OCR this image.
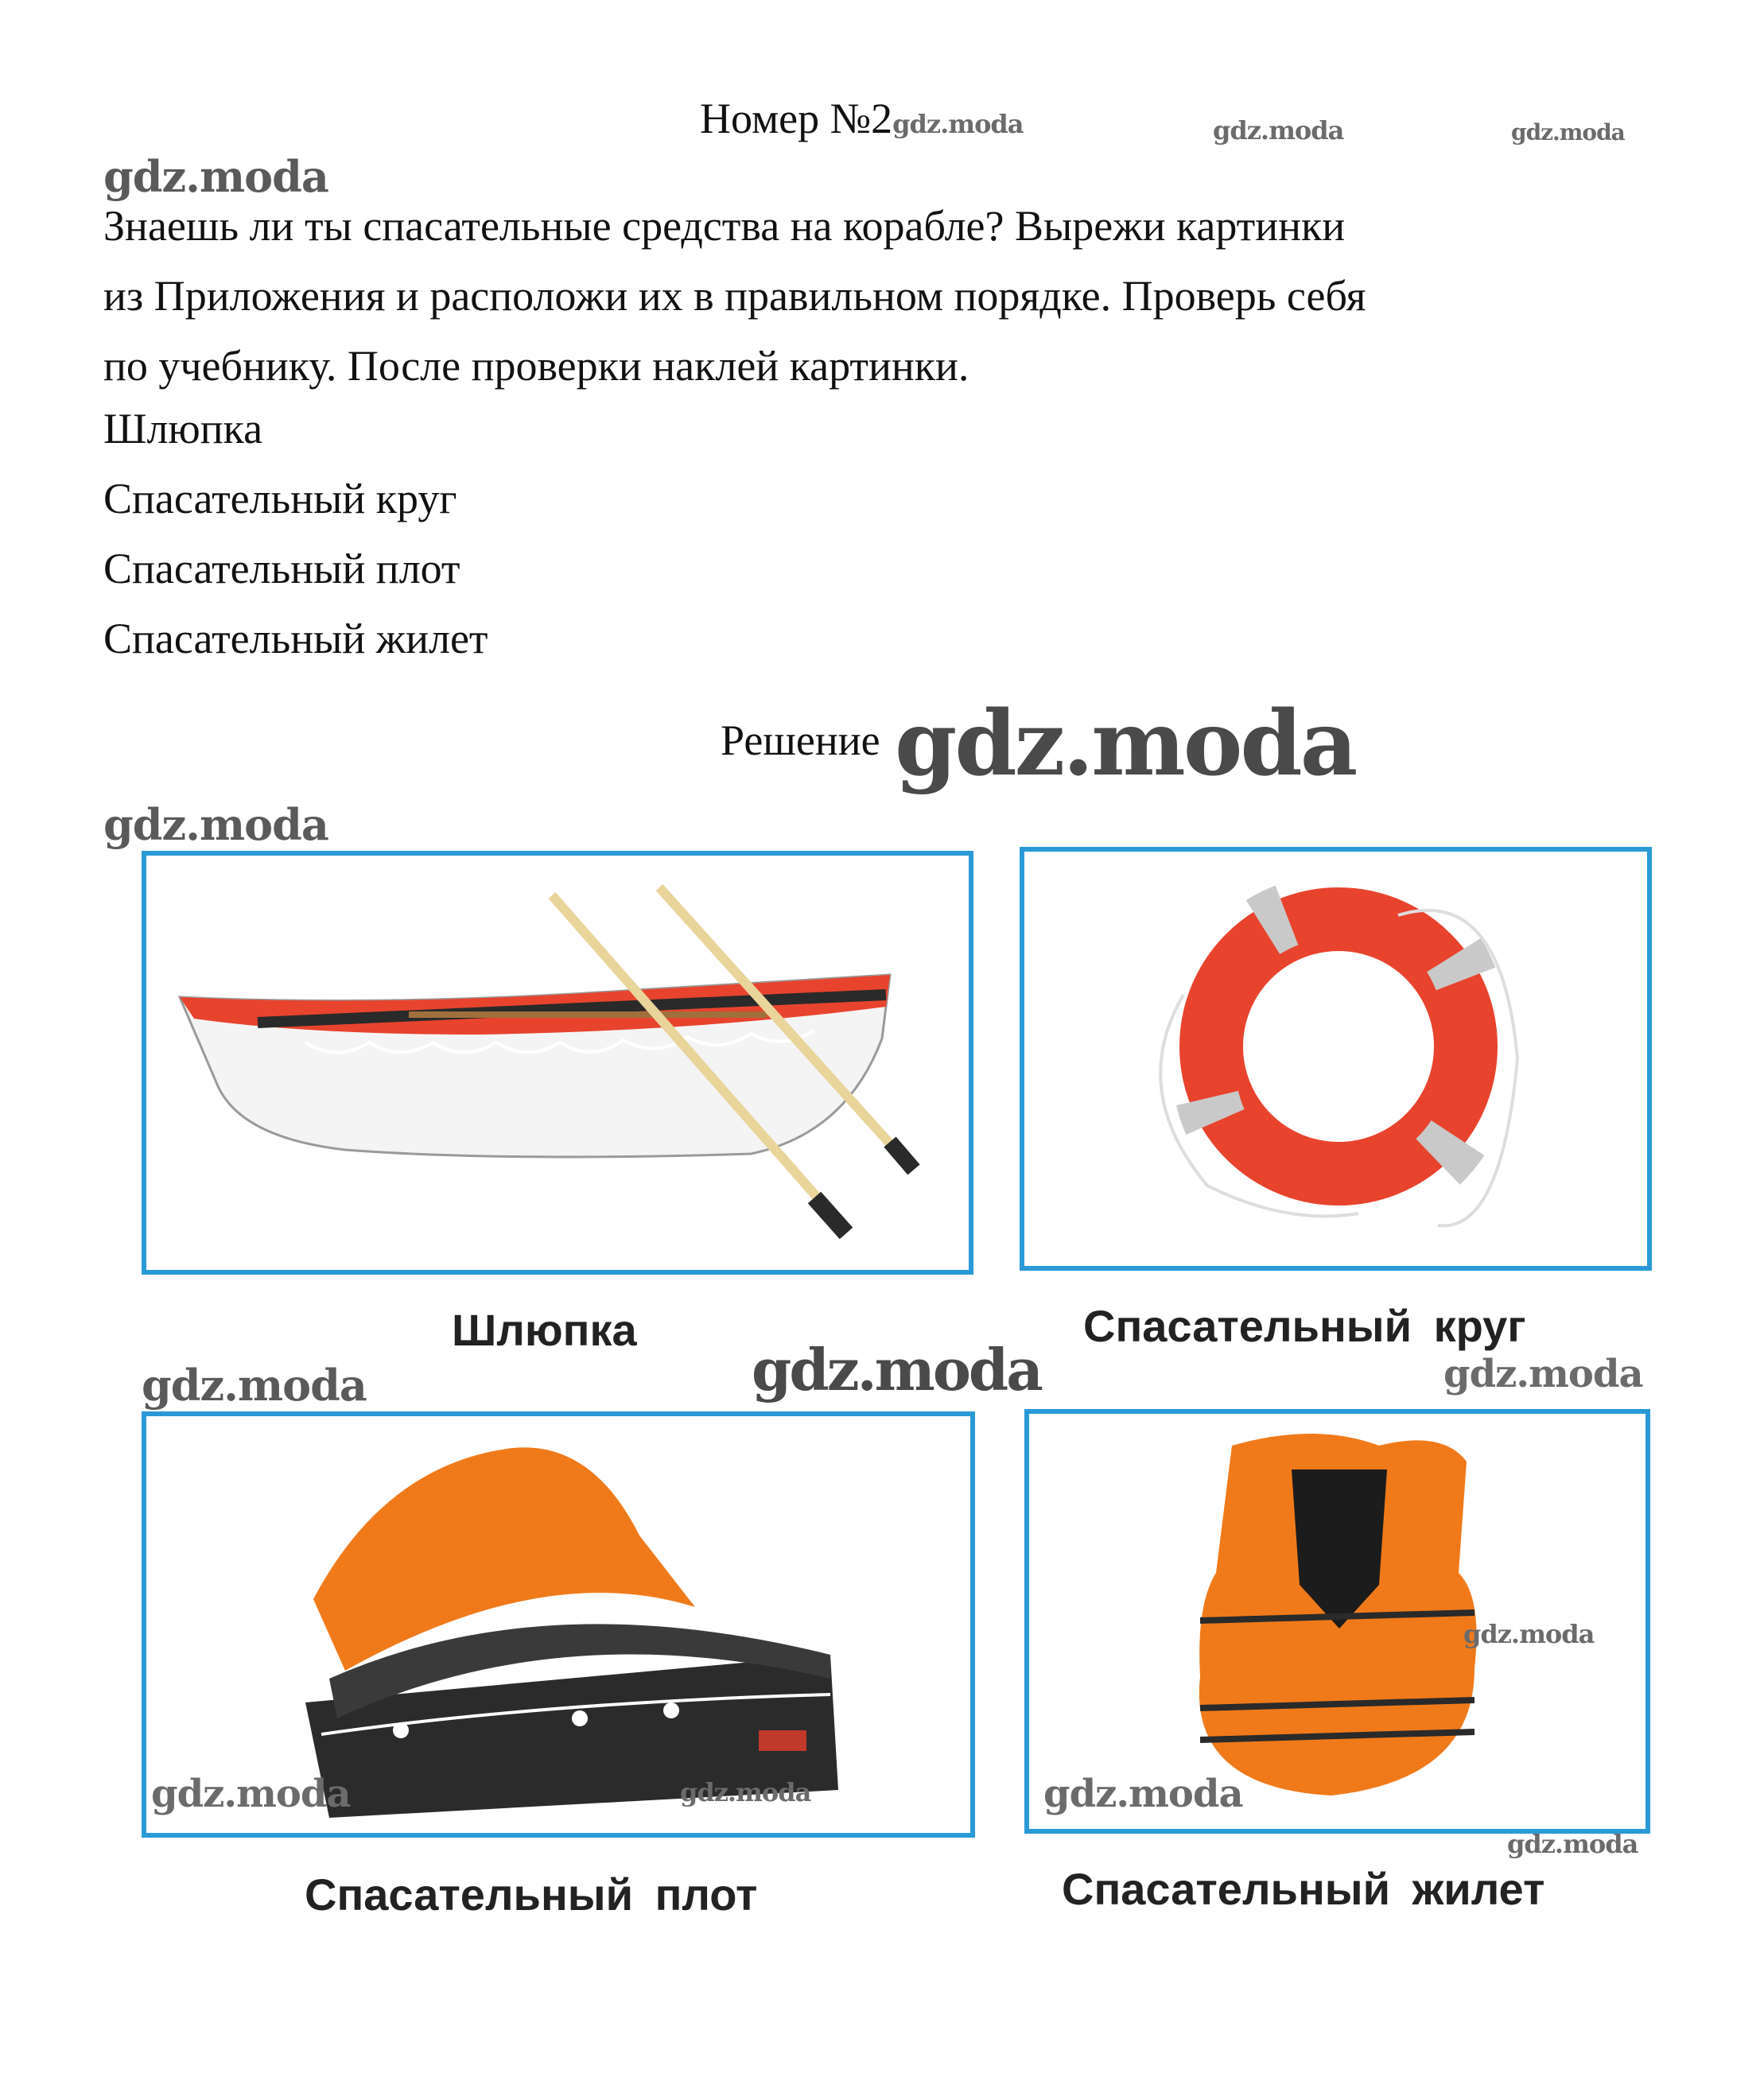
Номер №2gdz.moda	gdz.moda	gdz.moda
gdz.moda

Знаешь ли ты спасательные средства на корабле? Вырежи картинки

из Приложения и расположи их в правильном порядке. Проверь себя

по учебнику. После проверки наклей картинки.

Шлюпка
Спасательный круг
Спасательный плот
Спасательный жилет
Решение gdz.moda
gdz.moda
Шлюпка	Спасательный круг
gdz.moda	gdz.moda	gdz.moda
gdz.moda	gdz.moda
gdz.moda
gdz.moda
gdz.moda
Спасательный плот	Спасательный жилет
